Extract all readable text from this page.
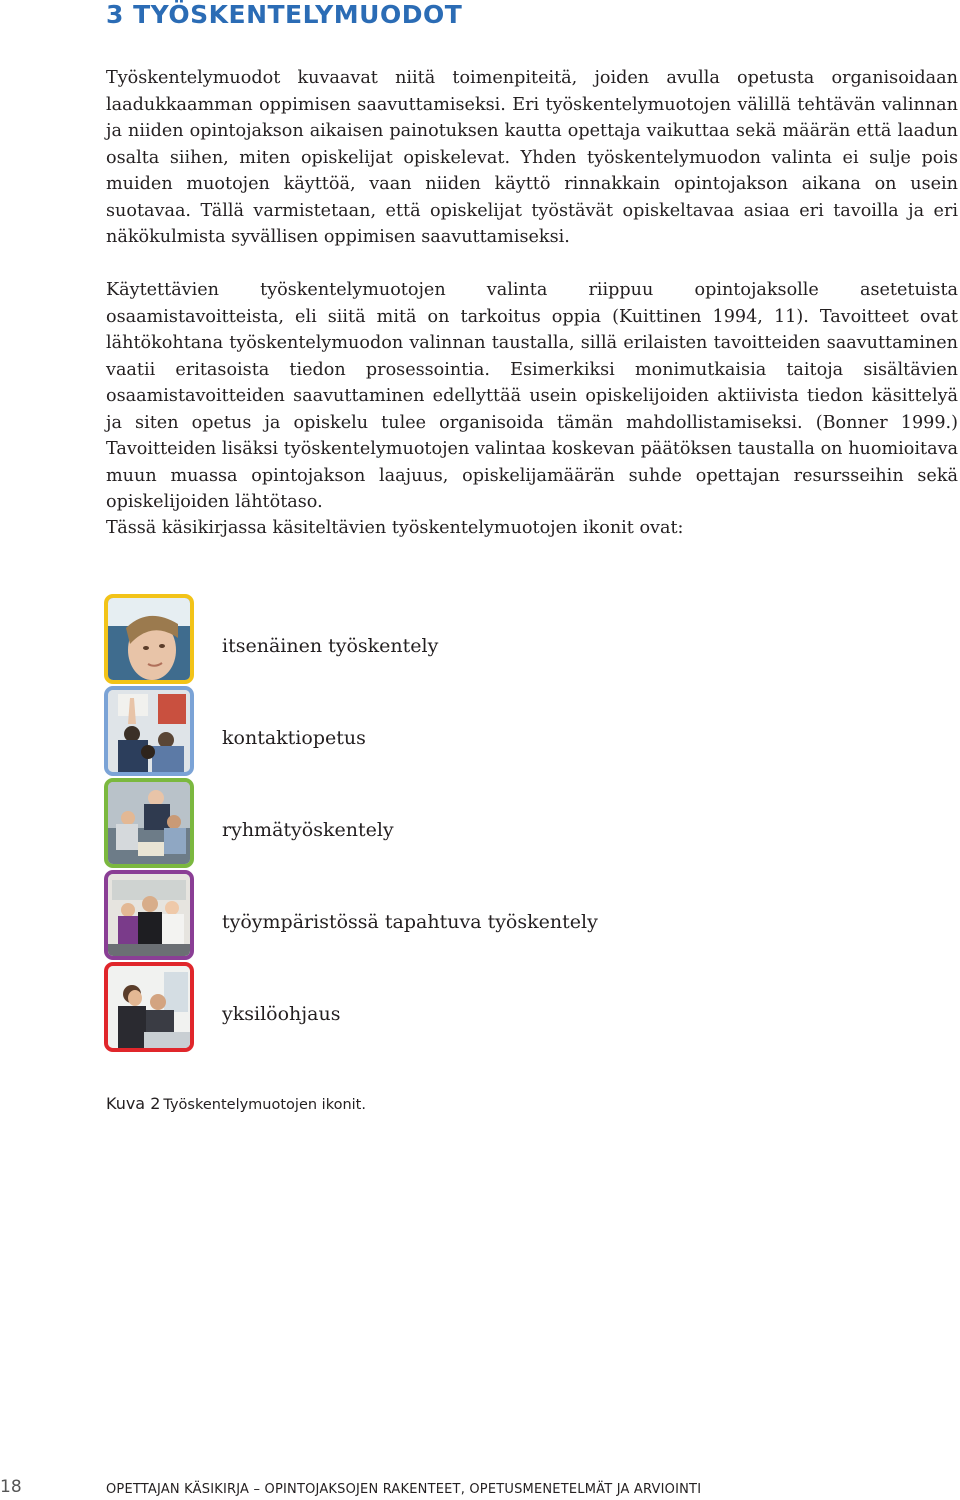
3 TYÖSKENTELYMUODOT

Työskentelymuodot kuvaavat niitä toimenpiteitä, joiden avulla opetusta organisoidaan laadukkaamman oppimisen saavuttamiseksi. Eri työskentelymuotojen välillä tehtävän valinnan ja niiden opintojakson aikaisen painotuksen kautta opettaja vaikuttaa sekä määrän että laadun osalta siihen, miten opiskelijat opiskelevat. Yhden työskentelymuodon valinta ei sulje pois muiden muotojen käyttöä, vaan niiden käyttö rinnakkain opintojakson aikana on usein suotavaa. Tällä varmistetaan, että opiskelijat työstävät opiskeltavaa asiaa eri tavoilla ja eri näkökulmista syvällisen oppimisen saavuttamiseksi.

Käytettävien työskentelymuotojen valinta riippuu opintojaksolle asetetuista osaamistavoitteista, eli siitä mitä on tarkoitus oppia (Kuittinen 1994, 11). Tavoitteet ovat lähtökohtana työskentelymuodon valinnan taustalla, sillä erilaisten tavoitteiden saavuttaminen vaatii eritasoista tiedon prosessointia. Esimerkiksi monimutkaisia taitoja sisältävien osaamistavoitteiden saavuttaminen edellyttää usein opiskelijoiden aktiivista tiedon käsittelyä ja siten opetus ja opiskelu tulee organisoida tämän mahdollistamiseksi. (Bonner 1999.) Tavoitteiden lisäksi työskentelymuotojen valintaa koskevan päätöksen taustalla on huomioitava muun muassa opintojakson laajuus, opiskelijamäärän suhde opettajan resursseihin sekä opiskelijoiden lähtötaso.

Tässä käsikirjassa käsiteltävien työskentelymuotojen ikonit ovat:

itsenäinen työskentely
kontaktiopetus
ryhmätyöskentely
työympäristössä tapahtuva työskentely
yksilöohjaus
Kuva 2 Työskentelymuotojen ikonit.
18	OPETTAJAN KÄSIKIRJA – OPINTOJAKSOJEN RAKENTEET, OPETUSMENETELMÄT JA ARVIOINTI
